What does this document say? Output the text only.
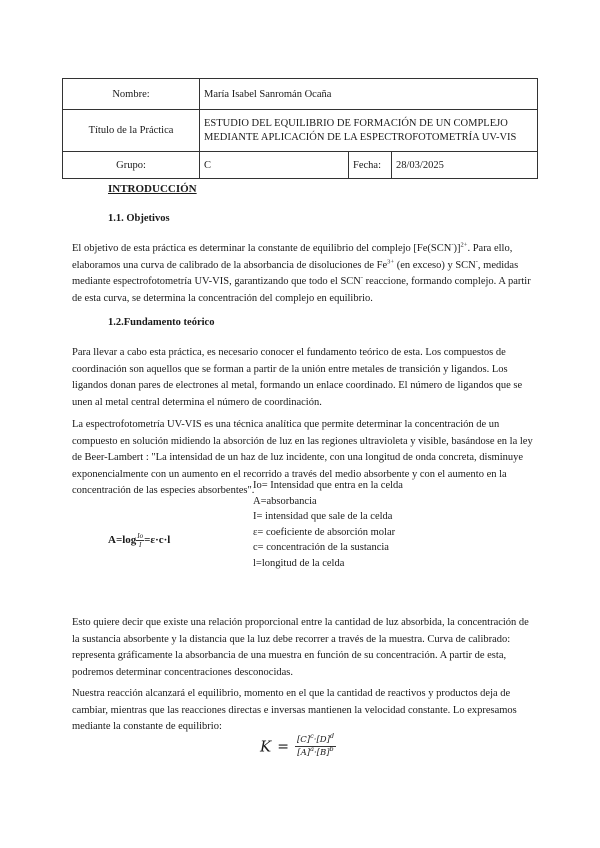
Nombre:	María Isabel Sanromán Ocaña		
Título de la Práctica	ESTUDIO DEL EQUILIBRIO DE FORMACIÓN DE UN COMPLEJO
MEDIANTE APLICACIÓN DE LA ESPECTROFOTOMETRÍA UV-VIS		
Grupo:	C	Fecha:	28/03/2025
INTRODUCCIÓN
1.1. Objetivos

El objetivo de esta práctica es determinar la constante de equilibrio del complejo $[Fe(SCN^-)]^{2+}$. Para ello, elaboramos una curva de calibrado de la absorbancia de disoluciones de $Fe^{3+}$ (en exceso) y SCN-, medidas mediante espectrofotometría UV-VIS, garantizando que todo el SCN- reaccione, formando complejo. A partir de esta curva, se determina la concentración del complejo en equilibrio.

1.2.Fundamento teórico

Para llevar a cabo esta práctica, es necesario conocer el fundamento teórico de esta. Los compuestos de coordinación son aquellos que se forman a partir de la unión entre metales de transición y ligandos. Los ligandos donan pares de electrones al metal, formando un enlace coordinado. El número de ligandos que se unen al metal central determina el número de coordinación.

La espectrofotometría UV-VIS es una técnica analítica que permite determinar la concentración de un compuesto en solución midiendo la absorción de luz en las regiones ultravioleta y visible, basándose en la ley de Beer-Lambert : "La intensidad de un haz de luz incidente, con una longitud de onda concreta, disminuye exponencialmente con un aumento en el recorrido a través del medio absorbente y con el aumento en la concentración de las especies absorbentes".

$A=\log \frac{Io}{I}=\varepsilon\cdot c\cdot l$
Io= Intensidad que entra en la celda
A=absorbancia
I= intensidad que sale de la celda
ε= coeficiente de absorción molar
c= concentración de la sustancia
l=longitud de la celda

Esto quiere decir que existe una relación proporcional entre la cantidad de luz absorbida, la concentración de la sustancia absorbente y la distancia que la luz debe recorrer a través de la muestra. Curva de calibrado: representa gráficamente la absorbancia de una muestra en función de su concentración. A partir de esta, podremos determinar concentraciones desconocidas.

Nuestra reacción alcanzará el equilibrio, momento en el que la cantidad de reactivos y productos deja de cambiar, mientras que las reacciones directas e inversas mantienen la velocidad constante. Lo expresamos mediante la constante de equilibrio:

$K = \frac{[C]^c\cdot[D]^d}{[A]^a\cdot[B]^b}$
